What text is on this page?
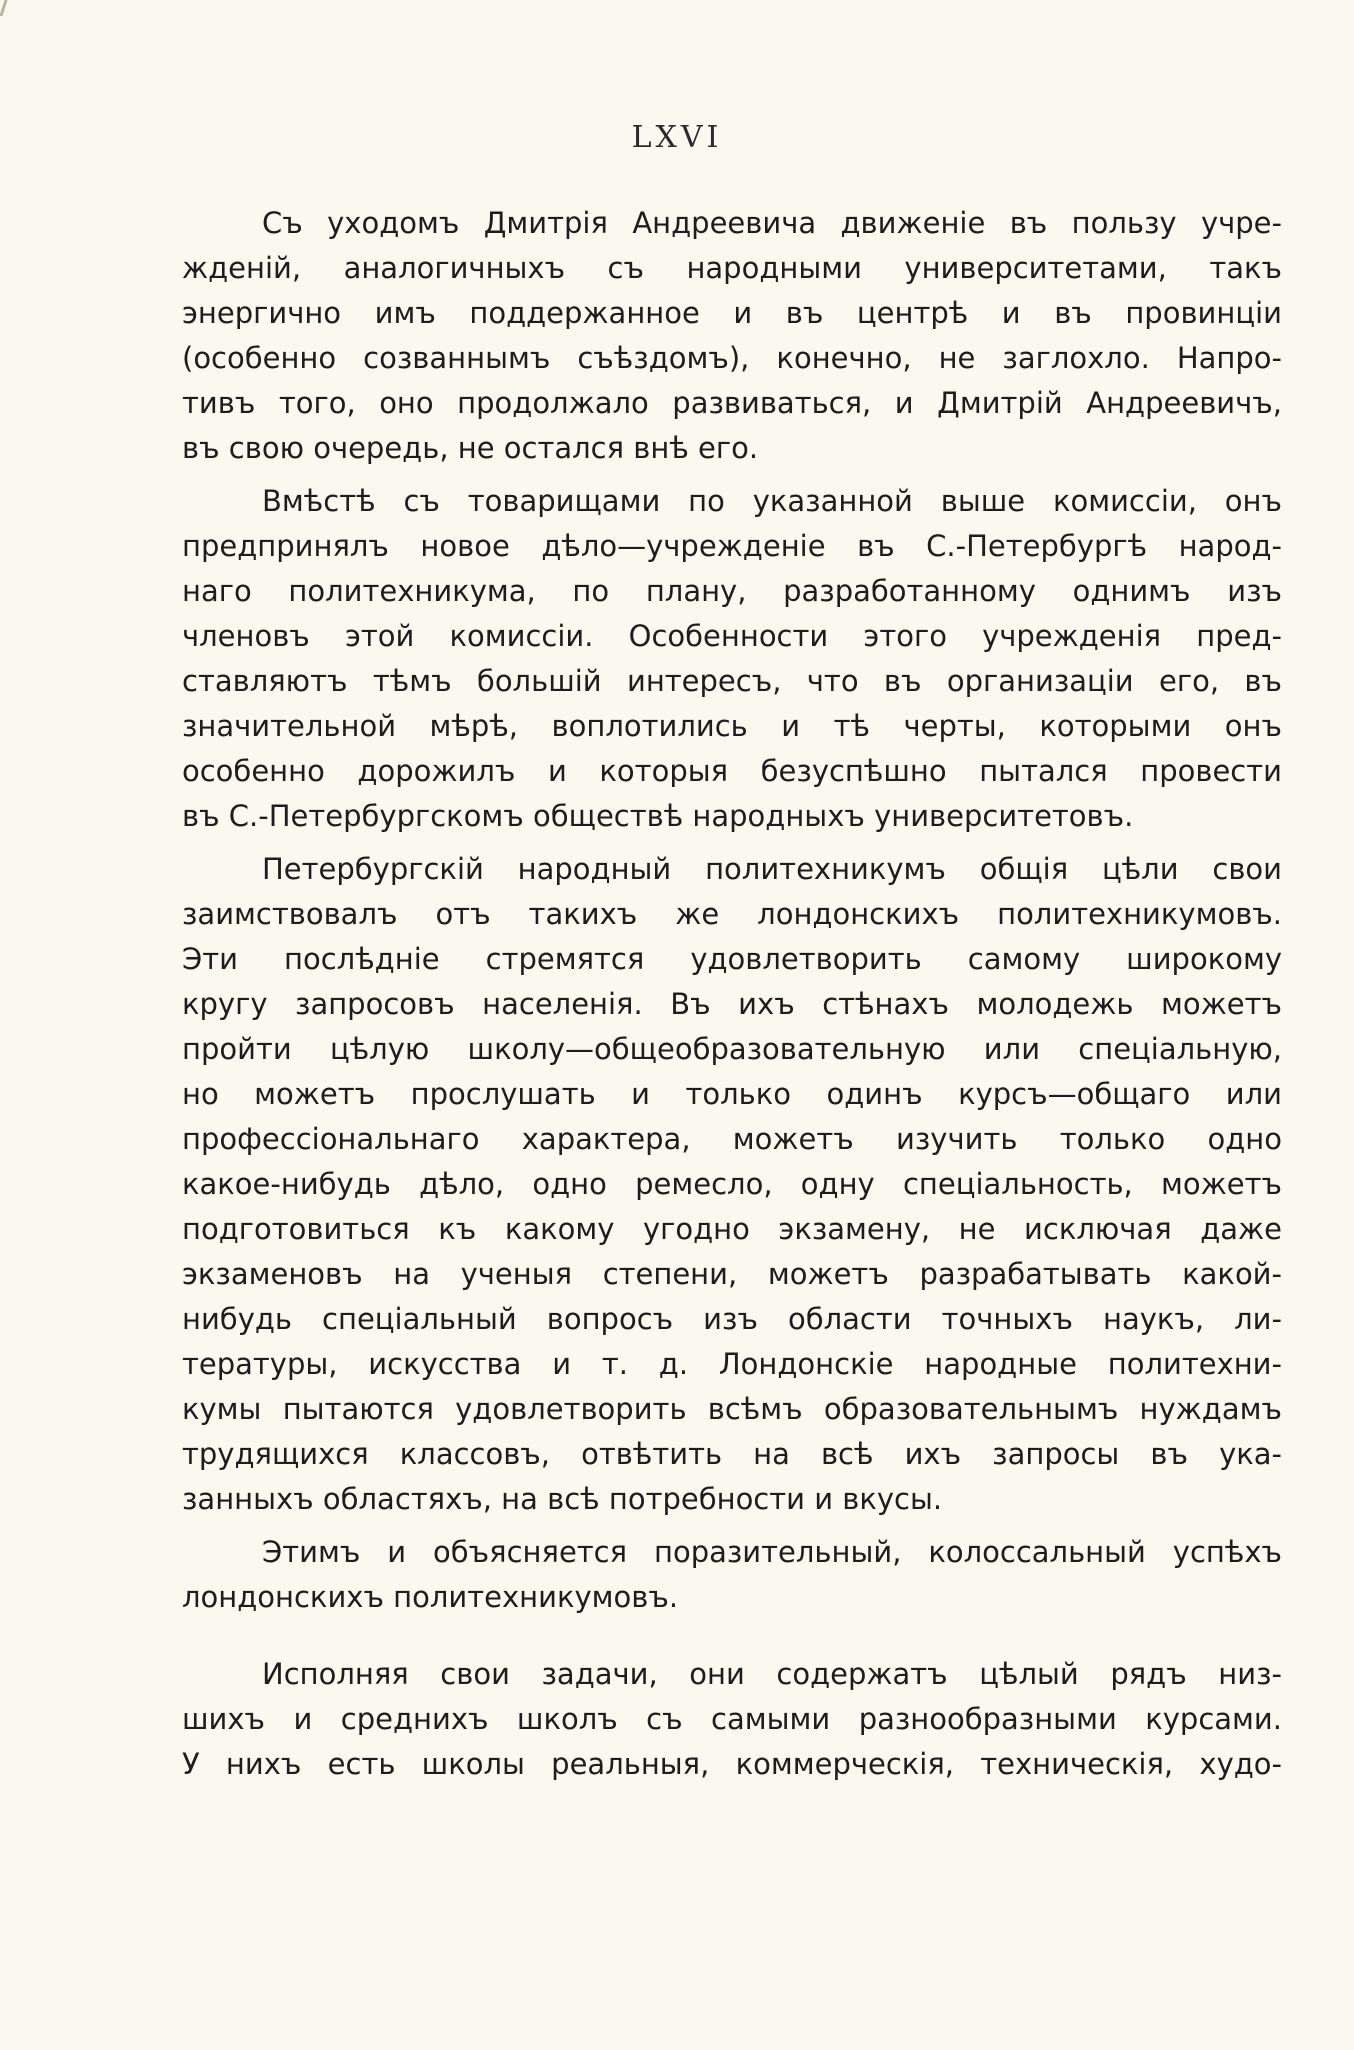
LXVI
Съ уходомъ Дмитрія Андреевича движеніе въ пользу учре-
жденій, аналогичныхъ съ народными университетами, такъ
энергично имъ поддержанное и въ центрѣ и въ провинціи
(особенно созваннымъ съѣздомъ), конечно, не заглохло. Напро-
тивъ того, оно продолжало развиваться, и Дмитрій Андреевичъ,
въ свою очередь, не остался внѣ его.
Вмѣстѣ съ товарищами по указанной выше комиссіи, онъ
предпринялъ новое дѣло—учрежденіе въ С.-Петербургѣ народ-
наго политехникума, по плану, разработанному однимъ изъ
членовъ этой комиссіи. Особенности этого учрежденія пред-
ставляютъ тѣмъ большій интересъ, что въ организаціи его, въ
значительной мѣрѣ, воплотились и тѣ черты, которыми онъ
особенно дорожилъ и которыя безуспѣшно пытался провести
въ С.-Петербургскомъ обществѣ народныхъ университетовъ.
Петербургскій народный политехникумъ общія цѣли свои
заимствовалъ отъ такихъ же лондонскихъ политехникумовъ.
Эти послѣдніе стремятся удовлетворить самому широкому
кругу запросовъ населенія. Въ ихъ стѣнахъ молодежь можетъ
пройти цѣлую школу—общеобразовательную или спеціальную,
но можетъ прослушать и только одинъ курсъ—общаго или
профессіональнаго характера, можетъ изучить только одно
какое-нибудь дѣло, одно ремесло, одну спеціальность, можетъ
подготовиться къ какому угодно экзамену, не исключая даже
экзаменовъ на ученыя степени, можетъ разрабатывать какой-
нибудь спеціальный вопросъ изъ области точныхъ наукъ, ли-
тературы, искусства и т. д. Лондонскіе народные политехни-
кумы пытаются удовлетворить всѣмъ образовательнымъ нуждамъ
трудящихся классовъ, отвѣтить на всѣ ихъ запросы въ ука-
занныхъ областяхъ, на всѣ потребности и вкусы.
Этимъ и объясняется поразительный, колоссальный успѣхъ
лондонскихъ политехникумовъ.
Исполняя свои задачи, они содержатъ цѣлый рядъ низ-
шихъ и среднихъ школъ съ самыми разнообразными курсами.
У нихъ есть школы реальныя, коммерческія, техническія, худо-
